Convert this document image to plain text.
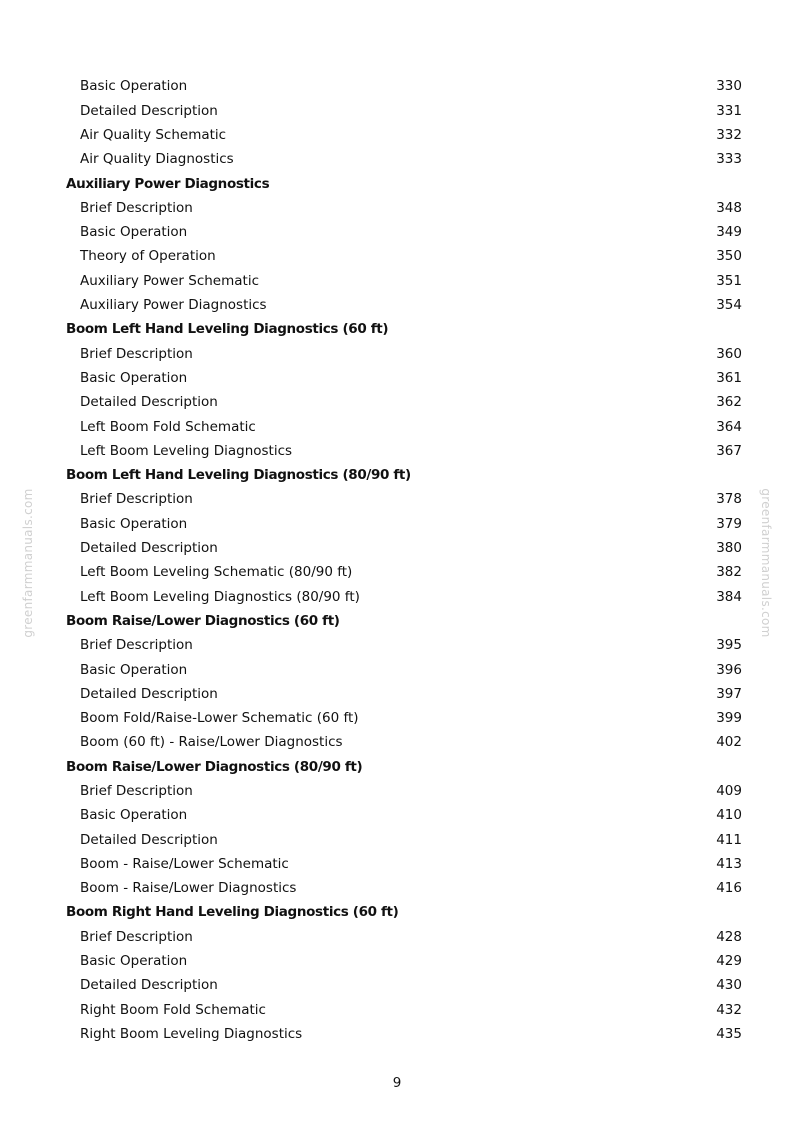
Basic Operation	330
Detailed Description	331
Air Quality Schematic	332
Air Quality Diagnostics	333
Auxiliary Power Diagnostics
Brief Description	348
Basic Operation	349
Theory of Operation	350
Auxiliary Power Schematic	351
Auxiliary Power Diagnostics	354
Boom Left Hand Leveling Diagnostics (60 ft)
Brief Description	360
Basic Operation	361
Detailed Description	362
Left Boom Fold Schematic	364
Left Boom Leveling Diagnostics	367
Boom Left Hand Leveling Diagnostics (80/90 ft)
Brief Description	378
Basic Operation	379
Detailed Description	380
Left Boom Leveling Schematic (80/90 ft)	382
Left Boom Leveling Diagnostics (80/90 ft)	384
Boom Raise/Lower Diagnostics (60 ft)
Brief Description	395
Basic Operation	396
Detailed Description	397
Boom Fold/Raise-Lower Schematic (60 ft)	399
Boom (60 ft) - Raise/Lower Diagnostics	402
Boom Raise/Lower Diagnostics (80/90 ft)
Brief Description	409
Basic Operation	410
Detailed Description	411
Boom - Raise/Lower Schematic	413
Boom - Raise/Lower Diagnostics	416
Boom Right Hand Leveling Diagnostics (60 ft)
Brief Description	428
Basic Operation	429
Detailed Description	430
Right Boom Fold Schematic	432
Right Boom Leveling Diagnostics	435
9
greenfarmmanuals.com	greenfarmmanuals.com
